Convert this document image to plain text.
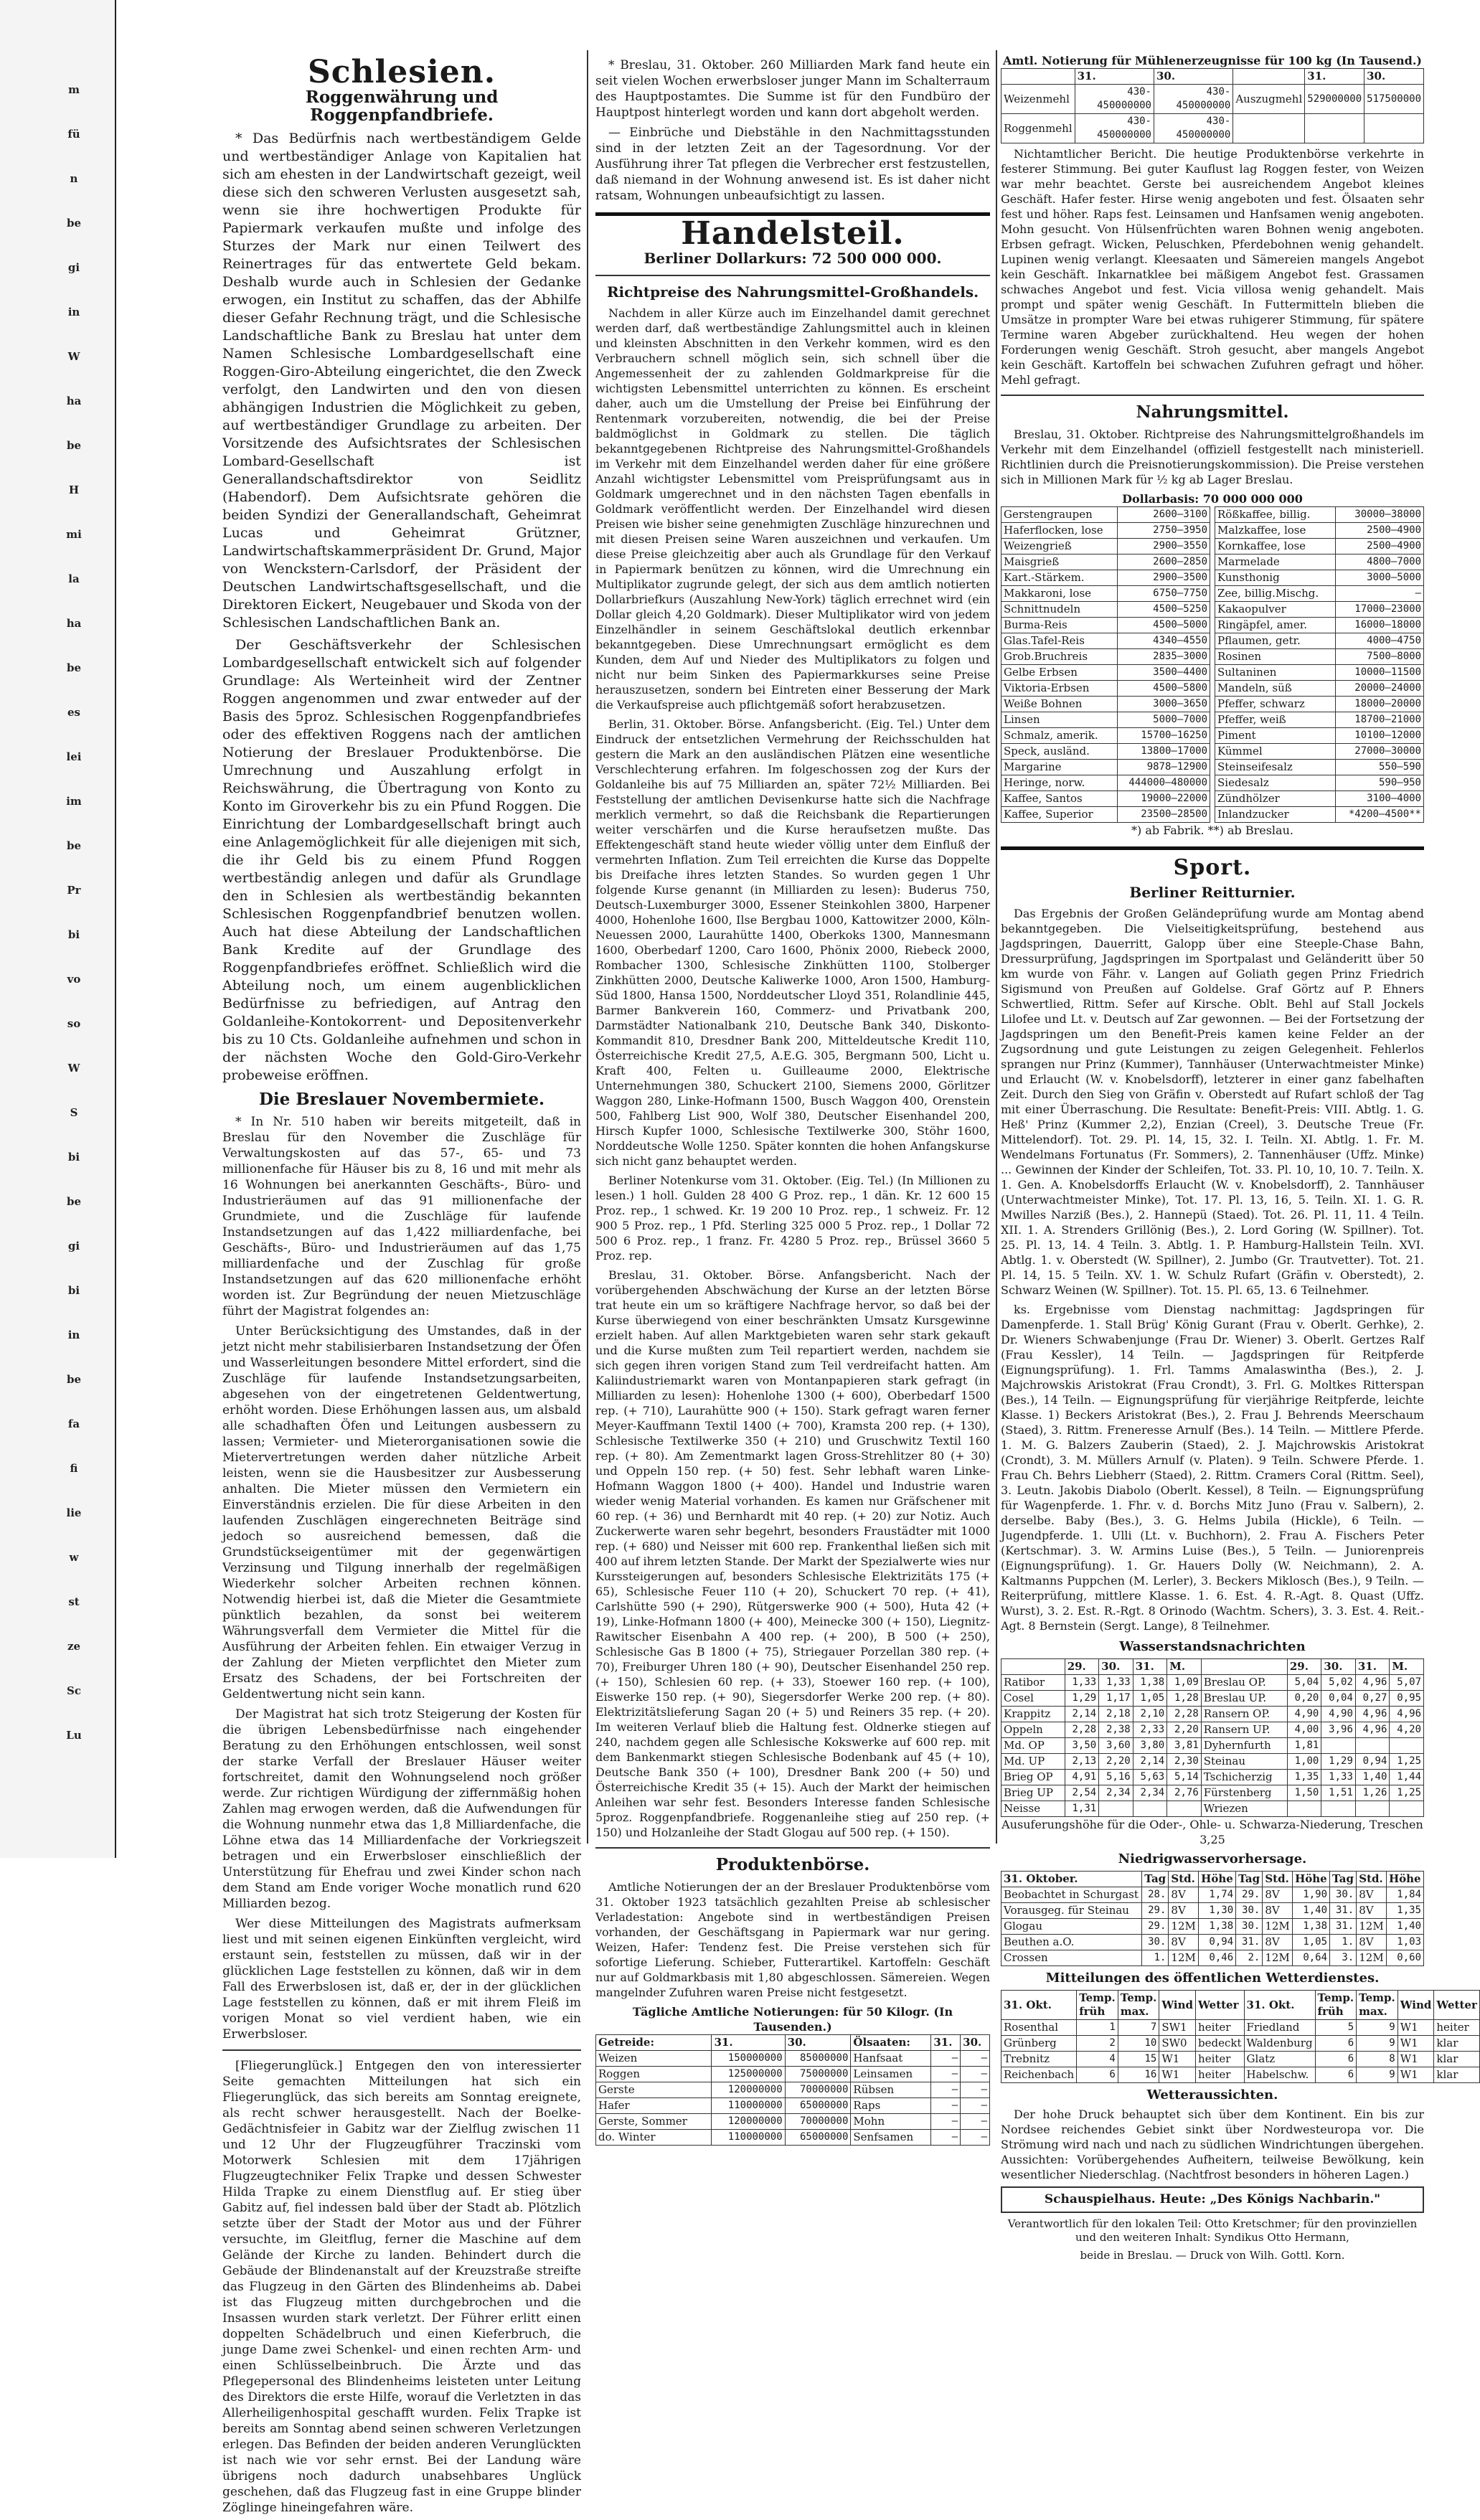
m
fü
n
be
gi
in
W
ha
be
H
mi
la
ha
be
es
lei
im
be
Pr
bi
vo
so
W
S
bi
be
gi
bi
in
be
fa
fi
lie
w
st
ze
Sc
Lu
Schlesien.
Roggenwährung und Roggenpfandbriefe.

* Das Bedürfnis nach wertbeständigem Gelde und wertbeständiger Anlage von Kapitalien hat sich am ehesten in der Landwirtschaft gezeigt, weil diese sich den schweren Verlusten ausgesetzt sah, wenn sie ihre hochwertigen Produkte für Papiermark verkaufen mußte und infolge des Sturzes der Mark nur einen Teilwert des Reinertrages für das entwertete Geld bekam. Deshalb wurde auch in Schlesien der Gedanke erwogen, ein Institut zu schaffen, das der Abhilfe dieser Gefahr Rechnung trägt, und die Schlesische Landschaftliche Bank zu Breslau hat unter dem Namen Schlesische Lombardgesellschaft eine Roggen-Giro-Abteilung eingerichtet, die den Zweck verfolgt, den Landwirten und den von diesen abhängigen Industrien die Möglichkeit zu geben, auf wertbeständiger Grundlage zu arbeiten. Der Vorsitzende des Aufsichtsrates der Schlesischen Lombard-Gesellschaft ist Generallandschaftsdirektor von Seidlitz (Habendorf). Dem Aufsichtsrate gehören die beiden Syndizi der Generallandschaft, Geheimrat Lucas und Geheimrat Grützner, Landwirtschaftskammerpräsident Dr. Grund, Major von Wenckstern-Carlsdorf, der Präsident der Deutschen Landwirtschaftsgesellschaft, und die Direktoren Eickert, Neugebauer und Skoda von der Schlesischen Landschaftlichen Bank an.

Der Geschäftsverkehr der Schlesischen Lombardgesellschaft entwickelt sich auf folgender Grundlage: Als Werteinheit wird der Zentner Roggen angenommen und zwar entweder auf der Basis des 5proz. Schlesischen Roggenpfandbriefes oder des effektiven Roggens nach der amtlichen Notierung der Breslauer Produktenbörse. Die Umrechnung und Auszahlung erfolgt in Reichswährung, die Übertragung von Konto zu Konto im Giroverkehr bis zu ein Pfund Roggen. Die Einrichtung der Lombardgesellschaft bringt auch eine Anlagemöglichkeit für alle diejenigen mit sich, die ihr Geld bis zu einem Pfund Roggen wertbeständig anlegen und dafür als Grundlage den in Schlesien als wertbeständig bekannten Schlesischen Roggenpfandbrief benutzen wollen. Auch hat diese Abteilung der Landschaftlichen Bank Kredite auf der Grundlage des Roggenpfandbriefes eröffnet. Schließlich wird die Abteilung noch, um einem augenblicklichen Bedürfnisse zu befriedigen, auf Antrag den Goldanleihe-Kontokorrent- und Depositenverkehr bis zu 10 Cts. Goldanleihe aufnehmen und schon in der nächsten Woche den Gold-Giro-Verkehr probeweise eröffnen.

Die Breslauer Novembermiete.

* In Nr. 510 haben wir bereits mitgeteilt, daß in Breslau für den November die Zuschläge für Verwaltungskosten auf das 57-, 65- und 73 millionenfache für Häuser bis zu 8, 16 und mit mehr als 16 Wohnungen bei anerkannten Geschäfts-, Büro- und Industrieräumen auf das 91 millionenfache der Grundmiete, und die Zuschläge für laufende Instandsetzungen auf das 1,422 milliardenfache, bei Geschäfts-, Büro- und Industrieräumen auf das 1,75 milliardenfache und der Zuschlag für große Instandsetzungen auf das 620 millionenfache erhöht worden ist. Zur Begründung der neuen Mietzuschläge führt der Magistrat folgendes an:

Unter Berücksichtigung des Umstandes, daß in der jetzt nicht mehr stabilisierbaren Instandsetzung der Öfen und Wasserleitungen besondere Mittel erfordert, sind die Zuschläge für laufende Instandsetzungsarbeiten, abgesehen von der eingetretenen Geldentwertung, erhöht worden. Diese Erhöhungen lassen aus, um alsbald alle schadhaften Öfen und Leitungen ausbessern zu lassen; Vermieter- und Mieterorganisationen sowie die Mietervertretungen werden daher nützliche Arbeit leisten, wenn sie die Hausbesitzer zur Ausbesserung anhalten. Die Mieter müssen den Vermietern ein Einverständnis erzielen. Die für diese Arbeiten in den laufenden Zuschlägen eingerechneten Beiträge sind jedoch so ausreichend bemessen, daß die Grundstückseigentümer mit der gegenwärtigen Verzinsung und Tilgung innerhalb der regelmäßigen Wiederkehr solcher Arbeiten rechnen können. Notwendig hierbei ist, daß die Mieter die Gesamtmiete pünktlich bezahlen, da sonst bei weiterem Währungsverfall dem Vermieter die Mittel für die Ausführung der Arbeiten fehlen. Ein etwaiger Verzug in der Zahlung der Mieten verpflichtet den Mieter zum Ersatz des Schadens, der bei Fortschreiten der Geldentwertung nicht sein kann.

Der Magistrat hat sich trotz Steigerung der Kosten für die übrigen Lebensbedürfnisse nach eingehender Beratung zu den Erhöhungen entschlossen, weil sonst der starke Verfall der Breslauer Häuser weiter fortschreitet, damit den Wohnungselend noch größer werde. Zur richtigen Würdigung der ziffernmäßig hohen Zahlen mag erwogen werden, daß die Aufwendungen für die Wohnung nunmehr etwa das 1,8 Milliardenfache, die Löhne etwa das 14 Milliardenfache der Vorkriegszeit betragen und ein Erwerbsloser einschließlich der Unterstützung für Ehefrau und zwei Kinder schon nach dem Stand am Ende voriger Woche monatlich rund 620 Milliarden bezog.

Wer diese Mitteilungen des Magistrats aufmerksam liest und mit seinen eigenen Einkünften vergleicht, wird erstaunt sein, feststellen zu müssen, daß wir in der glücklichen Lage feststellen zu können, daß wir in dem Fall des Erwerbslosen ist, daß er, der in der glücklichen Lage feststellen zu können, daß er mit ihrem Fleiß im vorigen Monat so viel verdient haben, wie ein Erwerbsloser.

[Fliegerunglück.] Entgegen den von interessierter Seite gemachten Mitteilungen hat sich ein Fliegerunglück, das sich bereits am Sonntag ereignete, als recht schwer herausgestellt. Nach der Boelke-Gedächtnisfeier in Gabitz war der Zielflug zwischen 11 und 12 Uhr der Flugzeugführer Traczinski vom Motorwerk Schlesien mit dem 17jährigen Flugzeugtechniker Felix Trapke und dessen Schwester Hilda Trapke zu einem Dienstflug auf. Er stieg über Gabitz auf, fiel indessen bald über der Stadt ab. Plötzlich setzte über der Stadt der Motor aus und der Führer versuchte, im Gleitflug, ferner die Maschine auf dem Gelände der Kirche zu landen. Behindert durch die Gebäude der Blindenanstalt auf der Kreuzstraße streifte das Flugzeug in den Gärten des Blindenheims ab. Dabei ist das Flugzeug mitten durchgebrochen und die Insassen wurden stark verletzt. Der Führer erlitt einen doppelten Schädelbruch und einen Kieferbruch, die junge Dame zwei Schenkel- und einen rechten Arm- und einen Schlüsselbeinbruch. Die Ärzte und das Pflegepersonal des Blindenheims leisteten unter Leitung des Direktors die erste Hilfe, worauf die Verletzten in das Allerheiligenhospital geschafft wurden. Felix Trapke ist bereits am Sonntag abend seinen schweren Verletzungen erlegen. Das Befinden der beiden anderen Verunglückten ist nach wie vor sehr ernst. Bei der Landung wäre übrigens noch dadurch unabsehbares Unglück geschehen, daß das Flugzeug fast in eine Gruppe blinder Zöglinge hineingefahren wäre.

* Breslau, 31. Oktober. 260 Milliarden Mark fand heute ein seit vielen Wochen erwerbsloser junger Mann im Schalterraum des Hauptpostamtes. Die Summe ist für den Fundbüro der Hauptpost hinterlegt worden und kann dort abgeholt werden.

— Einbrüche und Diebstähle in den Nachmittagsstunden sind in der letzten Zeit an der Tagesordnung. Vor der Ausführung ihrer Tat pflegen die Verbrecher erst festzustellen, daß niemand in der Wohnung anwesend ist. Es ist daher nicht ratsam, Wohnungen unbeaufsichtigt zu lassen.

Handelsteil.
Berliner Dollarkurs: 72 500 000 000.
Richtpreise des Nahrungsmittel-Großhandels.

Nachdem in aller Kürze auch im Einzelhandel damit gerechnet werden darf, daß wertbeständige Zahlungsmittel auch in kleinen und kleinsten Abschnitten in den Verkehr kommen, wird es den Verbrauchern schnell möglich sein, sich schnell über die Angemessenheit der zu zahlenden Goldmarkpreise für die wichtigsten Lebensmittel unterrichten zu können. Es erscheint daher, auch um die Umstellung der Preise bei Einführung der Rentenmark vorzubereiten, notwendig, die bei der Preise baldmöglichst in Goldmark zu stellen. Die täglich bekanntgegebenen Richtpreise des Nahrungsmittel-Großhandels im Verkehr mit dem Einzelhandel werden daher für eine größere Anzahl wichtigster Lebensmittel vom Preisprüfungsamt aus in Goldmark umgerechnet und in den nächsten Tagen ebenfalls in Goldmark veröffentlicht werden. Der Einzelhandel wird diesen Preisen wie bisher seine genehmigten Zuschläge hinzurechnen und mit diesen Preisen seine Waren auszeichnen und verkaufen. Um diese Preise gleichzeitig aber auch als Grundlage für den Verkauf in Papiermark benützen zu können, wird die Umrechnung ein Multiplikator zugrunde gelegt, der sich aus dem amtlich notierten Dollarbriefkurs (Auszahlung New-York) täglich errechnet wird (ein Dollar gleich 4,20 Goldmark). Dieser Multiplikator wird von jedem Einzelhändler in seinem Geschäftslokal deutlich erkennbar bekanntgegeben. Diese Umrechnungsart ermöglicht es dem Kunden, dem Auf und Nieder des Multiplikators zu folgen und nicht nur beim Sinken des Papiermarkkurses seine Preise herauszusetzen, sondern bei Eintreten einer Besserung der Mark die Verkaufspreise auch pflichtgemäß sofort herabzusetzen.

Berlin, 31. Oktober. Börse. Anfangsbericht. (Eig. Tel.) Unter dem Eindruck der entsetzlichen Vermehrung der Reichsschulden hat gestern die Mark an den ausländischen Plätzen eine wesentliche Verschlechterung erfahren. Im folgeschossen zog der Kurs der Goldanleihe bis auf 75 Milliarden an, später 72½ Milliarden. Bei Feststellung der amtlichen Devisenkurse hatte sich die Nachfrage merklich vermehrt, so daß die Reichsbank die Repartierungen weiter verschärfen und die Kurse heraufsetzen mußte. Das Effektengeschäft stand heute wieder völlig unter dem Einfluß der vermehrten Inflation. Zum Teil erreichten die Kurse das Doppelte bis Dreifache ihres letzten Standes. So wurden gegen 1 Uhr folgende Kurse genannt (in Milliarden zu lesen): Buderus 750, Deutsch-Luxemburger 3000, Essener Steinkohlen 3800, Harpener 4000, Hohenlohe 1600, Ilse Bergbau 1000, Kattowitzer 2000, Köln-Neuessen 2000, Laurahütte 1400, Oberkoks 1300, Mannesmann 1600, Oberbedarf 1200, Caro 1600, Phönix 2000, Riebeck 2000, Rombacher 1300, Schlesische Zinkhütten 1100, Stolberger Zinkhütten 2000, Deutsche Kaliwerke 1000, Aron 1500, Hamburg-Süd 1800, Hansa 1500, Norddeutscher Lloyd 351, Rolandlinie 445, Barmer Bankverein 160, Commerz- und Privatbank 200, Darmstädter Nationalbank 210, Deutsche Bank 340, Diskonto-Kommandit 810, Dresdner Bank 200, Mitteldeutsche Kredit 110, Österreichische Kredit 27,5, A.E.G. 305, Bergmann 500, Licht u. Kraft 400, Felten u. Guilleaume 2000, Elektrische Unternehmungen 380, Schuckert 2100, Siemens 2000, Görlitzer Waggon 280, Linke-Hofmann 1500, Busch Waggon 400, Orenstein 500, Fahlberg List 900, Wolf 380, Deutscher Eisenhandel 200, Hirsch Kupfer 1000, Schlesische Textilwerke 300, Stöhr 1600, Norddeutsche Wolle 1250. Später konnten die hohen Anfangskurse sich nicht ganz behauptet werden.

Berliner Notenkurse vom 31. Oktober. (Eig. Tel.) (In Millionen zu lesen.) 1 holl. Gulden 28 400 G Proz. rep., 1 dän. Kr. 12 600 15 Proz. rep., 1 schwed. Kr. 19 200 10 Proz. rep., 1 schweiz. Fr. 12 900 5 Proz. rep., 1 Pfd. Sterling 325 000 5 Proz. rep., 1 Dollar 72 500 6 Proz. rep., 1 franz. Fr. 4280 5 Proz. rep., Brüssel 3660 5 Proz. rep.

Breslau, 31. Oktober. Börse. Anfangsbericht. Nach der vorübergehenden Abschwächung der Kurse an der letzten Börse trat heute ein um so kräftigere Nachfrage hervor, so daß bei der Kurse überwiegend von einer beschränkten Umsatz Kursgewinne erzielt haben. Auf allen Marktgebieten waren sehr stark gekauft und die Kurse mußten zum Teil repartiert werden, nachdem sie sich gegen ihren vorigen Stand zum Teil verdreifacht hatten. Am Kaliindustriemarkt waren von Montanpapieren stark gefragt (in Milliarden zu lesen): Hohenlohe 1300 (+ 600), Oberbedarf 1500 rep. (+ 710), Laurahütte 900 (+ 150). Stark gefragt waren ferner Meyer-Kauffmann Textil 1400 (+ 700), Kramsta 200 rep. (+ 130), Schlesische Textilwerke 350 (+ 210) und Gruschwitz Textil 160 rep. (+ 80). Am Zementmarkt lagen Gross-Strehlitzer 80 (+ 30) und Oppeln 150 rep. (+ 50) fest. Sehr lebhaft waren Linke-Hofmann Waggon 1800 (+ 400). Handel und Industrie waren wieder wenig Material vorhanden. Es kamen nur Gräfschener mit 60 rep. (+ 36) und Bernhardt mit 40 rep. (+ 20) zur Notiz. Auch Zuckerwerte waren sehr begehrt, besonders Fraustädter mit 1000 rep. (+ 680) und Neisser mit 600 rep. Frankenthal ließen sich mit 400 auf ihrem letzten Stande. Der Markt der Spezialwerte wies nur Kurssteigerungen auf, besonders Schlesische Elektrizitäts 175 (+ 65), Schlesische Feuer 110 (+ 20), Schuckert 70 rep. (+ 41), Carlshütte 590 (+ 290), Rütgerswerke 900 (+ 500), Huta 42 (+ 19), Linke-Hofmann 1800 (+ 400), Meinecke 300 (+ 150), Liegnitz-Rawitscher Eisenbahn A 400 rep. (+ 200), B 500 (+ 250), Schlesische Gas B 1800 (+ 75), Striegauer Porzellan 380 rep. (+ 70), Freiburger Uhren 180 (+ 90), Deutscher Eisenhandel 250 rep. (+ 150), Schlesien 60 rep. (+ 33), Stoewer 160 rep. (+ 100), Eiswerke 150 rep. (+ 90), Siegersdorfer Werke 200 rep. (+ 80). Elektrizitätslieferung Sagan 20 (+ 5) und Reiners 35 rep. (+ 20). Im weiteren Verlauf blieb die Haltung fest. Oldnerke stiegen auf 240, nachdem gegen alle Schlesische Kokswerke auf 600 rep. mit dem Bankenmarkt stiegen Schlesische Bodenbank auf 45 (+ 10), Deutsche Bank 350 (+ 100), Dresdner Bank 200 (+ 50) und Österreichische Kredit 35 (+ 15). Auch der Markt der heimischen Anleihen war sehr fest. Besonders Interesse fanden Schlesische 5proz. Roggenpfandbriefe. Roggenanleihe stieg auf 250 rep. (+ 150) und Holzanleihe der Stadt Glogau auf 500 rep. (+ 150).

Produktenbörse.

Amtliche Notierungen der an der Breslauer Produktenbörse vom 31. Oktober 1923 tatsächlich gezahlten Preise ab schlesischer Verladestation: Angebote sind in wertbeständigen Preisen vorhanden, der Geschäftsgang in Papiermark war nur gering. Weizen, Hafer: Tendenz fest. Die Preise verstehen sich für sofortige Lieferung. Schieber, Futterartikel. Kartoffeln: Geschäft nur auf Goldmarkbasis mit 1,80 abgeschlossen. Sämereien. Wegen mangelnder Zufuhren waren Preise nicht festgesetzt.

Tägliche Amtliche Notierungen: für 50 Kilogr. (In Tausenden.)
Getreide:	31.	30.	Ölsaaten:	31.	30.
Weizen	150000000	85000000	Hanfsaat	—	—
Roggen	125000000	75000000	Leinsamen	—	—
Gerste	120000000	70000000	Rübsen	—	—
Hafer	110000000	65000000	Raps	—	—
Gerste, Sommer	120000000	70000000	Mohn	—	—
do. Winter	110000000	65000000	Senfsamen	—	—
Amtl. Notierung für Mühlenerzeugnisse für 100 kg (In Tausend.)
	31.	30.		31.	30.
Weizenmehl	430-450000000	430-450000000	Auszugmehl	529000000	517500000
Roggenmehl	430-450000000	430-450000000			

Nichtamtlicher Bericht. Die heutige Produktenbörse verkehrte in festerer Stimmung. Bei guter Kauflust lag Roggen fester, von Weizen war mehr beachtet. Gerste bei ausreichendem Angebot kleines Geschäft. Hafer fester. Hirse wenig angeboten und fest. Ölsaaten sehr fest und höher. Raps fest. Leinsamen und Hanfsamen wenig angeboten. Mohn gesucht. Von Hülsenfrüchten waren Bohnen wenig angeboten. Erbsen gefragt. Wicken, Peluschken, Pferdebohnen wenig gehandelt. Lupinen wenig verlangt. Kleesaaten und Sämereien mangels Angebot kein Geschäft. Inkarnatklee bei mäßigem Angebot fest. Grassamen schwaches Angebot und fest. Vicia villosa wenig gehandelt. Mais prompt und später wenig Geschäft. In Futtermitteln blieben die Umsätze in prompter Ware bei etwas ruhigerer Stimmung, für spätere Termine waren Abgeber zurückhaltend. Heu wegen der hohen Forderungen wenig Geschäft. Stroh gesucht, aber mangels Angebot kein Geschäft. Kartoffeln bei schwachen Zufuhren gefragt und höher. Mehl gefragt.

Nahrungsmittel.

Breslau, 31. Oktober. Richtpreise des Nahrungsmittelgroßhandels im Verkehr mit dem Einzelhandel (offiziell festgestellt nach ministeriell. Richtlinien durch die Preisnotierungskommission). Die Preise verstehen sich in Millionen Mark für ½ kg ab Lager Breslau.

Dollarbasis: 70 000 000 000
Gerstengraupen	2600—3100
Haferflocken, lose	2750—3950
Weizengrieß	2900—3550
Maisgrieß	2600—2850
Kart.-Stärkem.	2900—3500
Makkaroni, lose	6750—7750
Schnittnudeln	4500—5250
Burma-Reis	4500—5000
Glas.Tafel-Reis	4340—4550
Grob.Bruchreis	2835—3000
Gelbe Erbsen	3500—4400
Viktoria-Erbsen	4500—5800
Weiße Bohnen	3000—3650
Linsen	5000—7000
Schmalz, amerik.	15700—16250
Speck, ausländ.	13800—17000
Margarine	9878—12900
Heringe, norw.	444000—480000
Kaffee, Santos	19000—22000
Kaffee, Superior	23500—28500
Rößkaffee, billig.	30000—38000
Malzkaffee, lose	2500—4900
Kornkaffee, lose	2500—4900
Marmelade	4800—7000
Kunsthonig	3000—5000
Zee, billig.Mischg.	—
Kakaopulver	17000—23000
Ringäpfel, amer.	16000—18000
Pflaumen, getr.	4000—4750
Rosinen	7500—8000
Sultaninen	10000—11500
Mandeln, süß	20000—24000
Pfeffer, schwarz	18000—20000
Pfeffer, weiß	18700—21000
Piment	10100—12000
Kümmel	27000—30000
Steinseifesalz	550—590
Siedesalz	590—950
Zündhölzer	3100—4000
Inlandzucker	*4200—4500**
*) ab Fabrik. **) ab Breslau.
Sport.
Berliner Reitturnier.

Das Ergebnis der Großen Geländeprüfung wurde am Montag abend bekanntgegeben. Die Vielseitigkeitsprüfung, bestehend aus Jagdspringen, Dauerritt, Galopp über eine Steeple-Chase Bahn, Dressurprüfung, Jagdspringen im Sportpalast und Geländeritt über 50 km wurde von Fähr. v. Langen auf Goliath gegen Prinz Friedrich Sigismund von Preußen auf Goldelse. Graf Görtz auf P. Ehners Schwertlied, Rittm. Sefer auf Kirsche. Oblt. Behl auf Stall Jockels Lilofee und Lt. v. Deutsch auf Zar gewonnen. — Bei der Fortsetzung der Jagdspringen um den Benefit-Preis kamen keine Felder an der Zugsordnung und gute Leistungen zu zeigen Gelegenheit. Fehlerlos sprangen nur Prinz (Kummer), Tannhäuser (Unterwachtmeister Minke) und Erlaucht (W. v. Knobelsdorff), letzterer in einer ganz fabelhaften Zeit. Durch den Sieg von Gräfin v. Oberstedt auf Rufart schloß der Tag mit einer Überraschung. Die Resultate: Benefit-Preis: VIII. Abtlg. 1. G. Heß' Prinz (Kummer 2,2), Enzian (Creel), 3. Deutsche Treue (Fr. Mittelendorf). Tot. 29. Pl. 14, 15, 32. I. Teiln. XI. Abtlg. 1. Fr. M. Wendelmans Fortunatus (Fr. Sommers), 2. Tannenhäuser (Uffz. Minke) ... Gewinnen der Kinder der Schleifen, Tot. 33. Pl. 10, 10, 10. 7. Teiln. X. 1. Gen. A. Knobelsdorffs Erlaucht (W. v. Knobelsdorff), 2. Tannhäuser (Unterwachtmeister Minke), Tot. 17. Pl. 13, 16, 5. Teiln. XI. 1. G. R. Mwilles Narziß (Bes.), 2. Hannepü (Staed). Tot. 26. Pl. 11, 11. 4 Teiln. XII. 1. A. Strenders Grillönig (Bes.), 2. Lord Goring (W. Spillner). Tot. 25. Pl. 13, 14. 4 Teiln. 3. Abtlg. 1. P. Hamburg-Hallstein Teiln. XVI. Abtlg. 1. v. Oberstedt (W. Spillner), 2. Jumbo (Gr. Trautvetter). Tot. 21. Pl. 14, 15. 5 Teiln. XV. 1. W. Schulz Rufart (Gräfin v. Oberstedt), 2. Schwarz Weinen (W. Spillner). Tot. 15. Pl. 65, 13. 6 Teilnehmer.

ks. Ergebnisse vom Dienstag nachmittag: Jagdspringen für Damenpferde. 1. Stall Brüg' König Gurant (Frau v. Oberlt. Gerhke), 2. Dr. Wieners Schwabenjunge (Frau Dr. Wiener) 3. Oberlt. Gertzes Ralf (Frau Kessler), 14 Teiln. — Jagdspringen für Reitpferde (Eignungsprüfung). 1. Frl. Tamms Amalaswintha (Bes.), 2. J. Majchrowskis Aristokrat (Frau Crondt), 3. Frl. G. Moltkes Ritterspan (Bes.), 14 Teiln. — Eignungsprüfung für vierjährige Reitpferde, leichte Klasse. 1) Beckers Aristokrat (Bes.), 2. Frau J. Behrends Meerschaum (Staed), 3. Rittm. Freneresse Arnulf (Bes.). 14 Teiln. — Mittlere Pferde. 1. M. G. Balzers Zauberin (Staed), 2. J. Majchrowskis Aristokrat (Crondt), 3. M. Müllers Arnulf (v. Platen). 9 Teiln. Schwere Pferde. 1. Frau Ch. Behrs Liebherr (Staed), 2. Rittm. Cramers Coral (Rittm. Seel), 3. Leutn. Jakobis Diabolo (Oberlt. Kessel), 8 Teiln. — Eignungsprüfung für Wagenpferde. 1. Fhr. v. d. Borchs Mitz Juno (Frau v. Salbern), 2. derselbe. Baby (Bes.), 3. G. Helms Jubila (Hickle), 6 Teiln. — Jugendpferde. 1. Ulli (Lt. v. Buchhorn), 2. Frau A. Fischers Peter (Kertschmar). 3. W. Armins Luise (Bes.), 5 Teiln. — Juniorenpreis (Eignungsprüfung). 1. Gr. Hauers Dolly (W. Neichmann), 2. A. Kaltmanns Puppchen (M. Lerler), 3. Beckers Miklosch (Bes.), 9 Teiln. — Reiterprüfung, mittlere Klasse. 1. 6. Est. 4. R.-Agt. 8. Quast (Uffz. Wurst), 3. 2. Est. R.-Rgt. 8 Orinodo (Wachtm. Schers), 3. 3. Est. 4. Reit.-Agt. 8 Bernstein (Sergt. Lange), 8 Teilnehmer.

Wasserstandsnachrichten
	29.	30.	31.	M.		29.	30.	31.	M.
Ratibor	1,33	1,33	1,38	1,09	Breslau OP.	5,04	5,02	4,96	5,07
Cosel	1,29	1,17	1,05	1,28	Breslau UP.	0,20	0,04	0,27	0,95
Krappitz	2,14	2,18	2,10	2,28	Ransern OP.	4,90	4,90	4,96	4,96
Oppeln	2,28	2,38	2,33	2,20	Ransern UP.	4,00	3,96	4,96	4,20
Md. OP	3,50	3,60	3,80	3,81	Dyhernfurth	1,81			
Md. UP	2,13	2,20	2,14	2,30	Steinau	1,00	1,29	0,94	1,25
Brieg OP	4,91	5,16	5,63	5,14	Tschicherzig	1,35	1,33	1,40	1,44
Brieg UP	2,54	2,34	2,34	2,76	Fürstenberg	1,50	1,51	1,26	1,25
Neisse	1,31				Wriezen				
Ausuferungshöhe für die Oder-, Ohle- u. Schwarza-Niederung, Treschen 3,25
Niedrigwasservorhersage.
31. Oktober.	Tag	Std.	Höhe	Tag	Std.	Höhe	Tag	Std.	Höhe
Beobachtet in Schurgast	28.	8V	1,74	29.	8V	1,90	30.	8V	1,84
Vorausgeg. für Steinau	29.	8V	1,30	30.	8V	1,40	31.	8V	1,35
Glogau	29.	12M	1,38	30.	12M	1,38	31.	12M	1,40
Beuthen a.O.	30.	8V	0,94	31.	8V	1,05	1.	8V	1,03
Crossen	1.	12M	0,46	2.	12M	0,64	3.	12M	0,60
Mitteilungen des öffentlichen Wetterdienstes.
31. Okt.	Temp. früh	Temp. max.	Wind	Wetter	31. Okt.	Temp. früh	Temp. max.	Wind	Wetter
Rosenthal	1	7	SW1	heiter	Friedland	5	9	W1	heiter
Grünberg	2	10	SW0	bedeckt	Waldenburg	6	9	W1	klar
Trebnitz	4	15	W1	heiter	Glatz	6	8	W1	klar
Reichenbach	6	16	W1	heiter	Habelschw.	6	9	W1	klar
Wetteraussichten.

Der hohe Druck behauptet sich über dem Kontinent. Ein bis zur Nordsee reichendes Gebiet sinkt über Nordwesteuropa vor. Die Strömung wird nach und nach zu südlichen Windrichtungen übergehen. Aussichten: Vorübergehendes Aufheitern, teilweise Bewölkung, kein wesentlicher Niederschlag. (Nachtfrost besonders in höheren Lagen.)

Schauspielhaus. Heute: „Des Königs Nachbarin."
Verantwortlich für den lokalen Teil: Otto Kretschmer; für den provinziellen und den weiteren Inhalt: Syndikus Otto Hermann,
beide in Breslau. — Druck von Wilh. Gottl. Korn.
